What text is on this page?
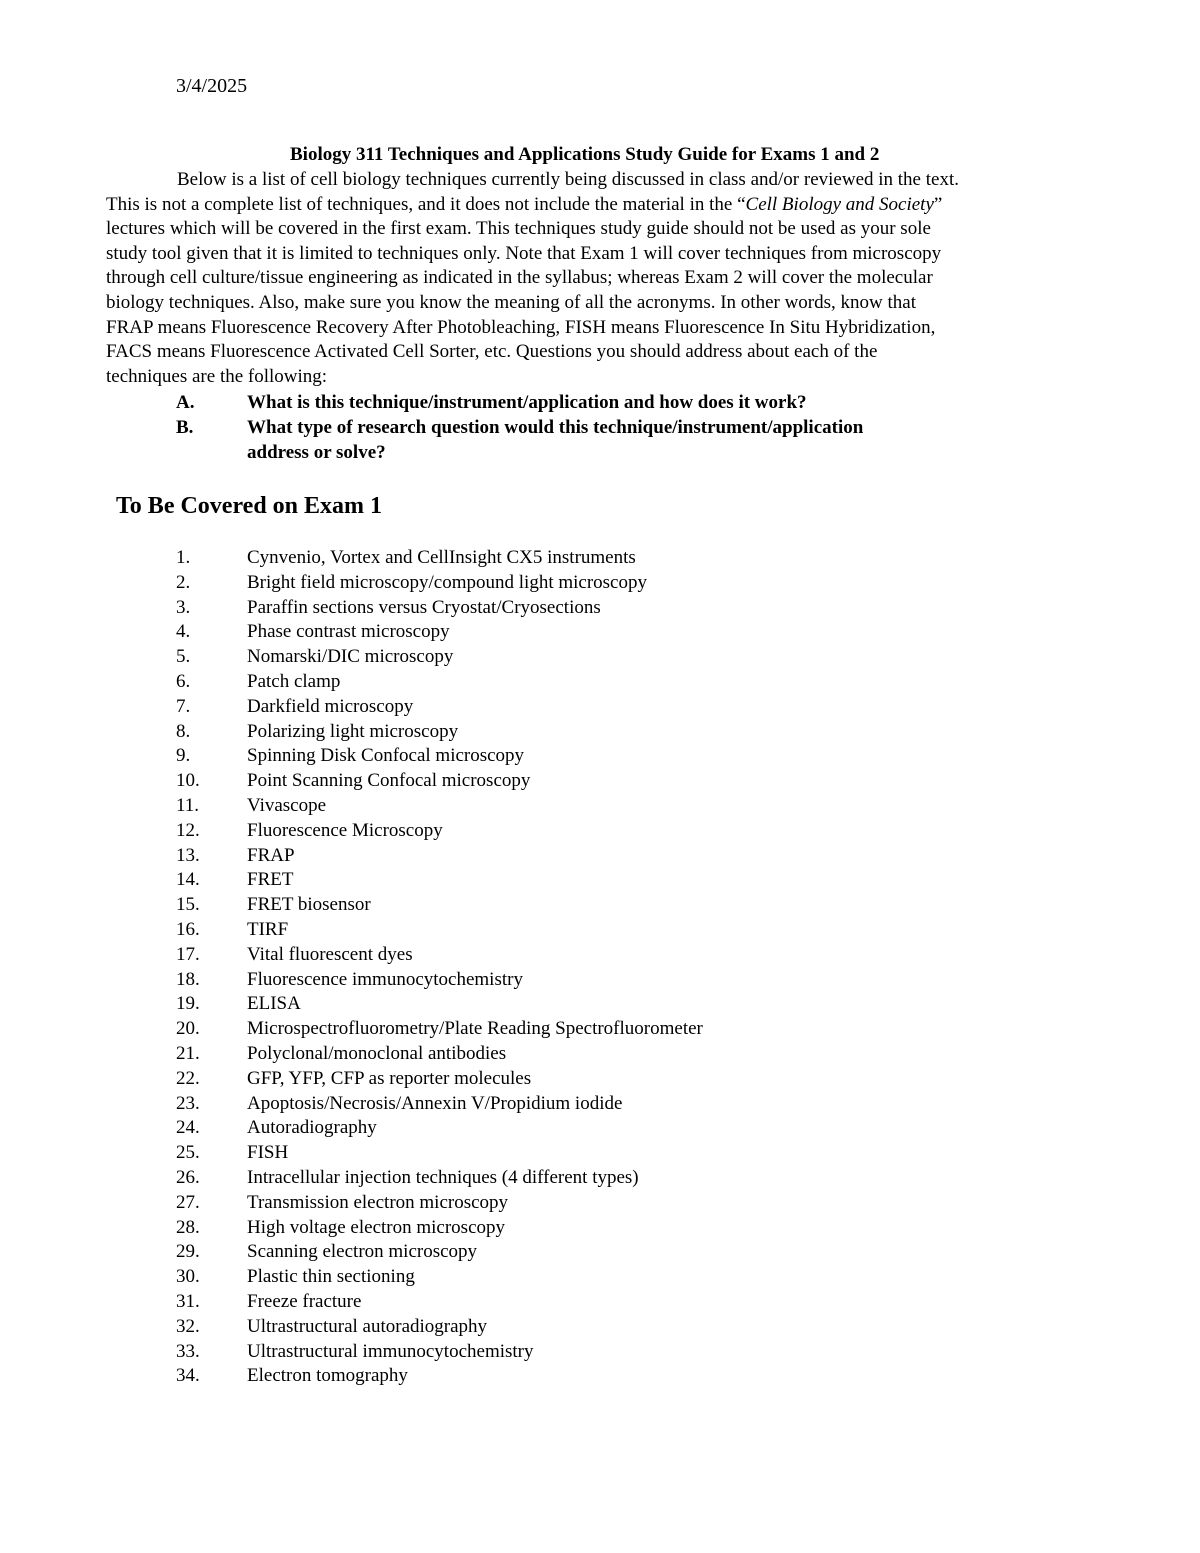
3/4/2025
Biology 311 Techniques and Applications Study Guide for Exams 1 and 2
Below is a list of cell biology techniques currently being discussed in class and/or reviewed in the text.
This is not a complete list of techniques, and it does not include the material in the “Cell Biology and Society”
lectures which will be covered in the first exam. This techniques study guide should not be used as your sole
study tool given that it is limited to techniques only. Note that Exam 1 will cover techniques from microscopy
through cell culture/tissue engineering as indicated in the syllabus; whereas Exam 2 will cover the molecular
biology techniques. Also, make sure you know the meaning of all the acronyms. In other words, know that
FRAP means Fluorescence Recovery After Photobleaching, FISH means Fluorescence In Situ Hybridization,
FACS means Fluorescence Activated Cell Sorter, etc. Questions you should address about each of the
techniques are the following:
A.	What is this technique/instrument/application and how does it work?
B.	What type of research question would this technique/instrument/application
address or solve?
To Be Covered on Exam 1
1.	Cynvenio, Vortex and CellInsight CX5 instruments
2.	Bright field microscopy/compound light microscopy
3.	Paraffin sections versus Cryostat/Cryosections
4.	Phase contrast microscopy
5.	Nomarski/DIC microscopy
6.	Patch clamp
7.	Darkfield microscopy
8.	Polarizing light microscopy
9.	Spinning Disk Confocal microscopy
10.	Point Scanning Confocal microscopy
11.	Vivascope
12.	Fluorescence Microscopy
13.	FRAP
14.	FRET
15.	FRET biosensor
16.	TIRF
17.	Vital fluorescent dyes
18.	Fluorescence immunocytochemistry
19.	ELISA
20.	Microspectrofluorometry/Plate Reading Spectrofluorometer
21.	Polyclonal/monoclonal antibodies
22.	GFP, YFP, CFP as reporter molecules
23.	Apoptosis/Necrosis/Annexin V/Propidium iodide
24.	Autoradiography
25.	FISH
26.	Intracellular injection techniques (4 different types)
27.	Transmission electron microscopy
28.	High voltage electron microscopy
29.	Scanning electron microscopy
30.	Plastic thin sectioning
31.	Freeze fracture
32.	Ultrastructural autoradiography
33.	Ultrastructural immunocytochemistry
34.	Electron tomography
